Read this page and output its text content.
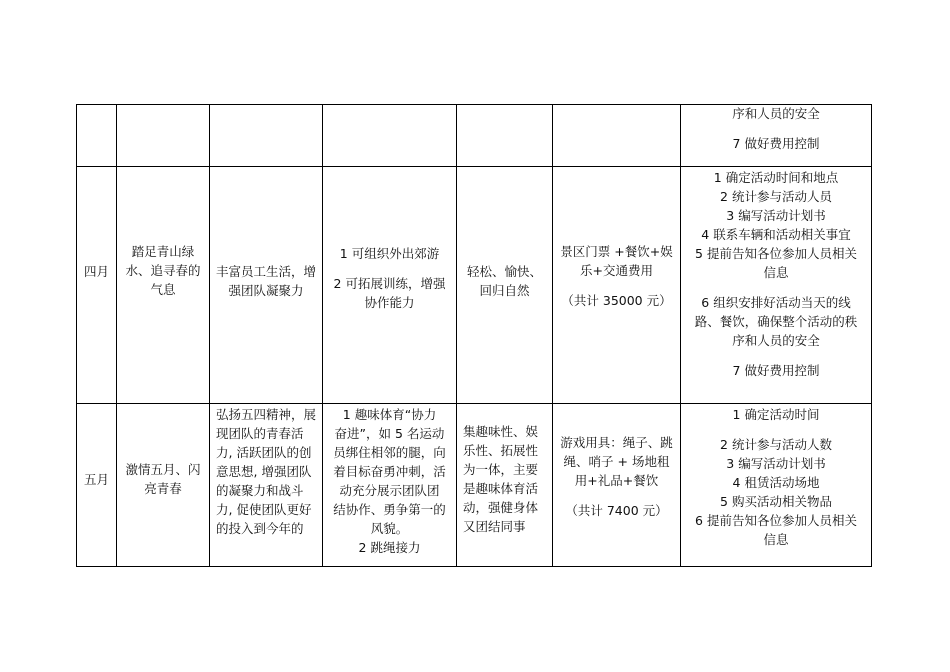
序和人员的安全
7 做好费用控制
四月
踏足青山绿
水、追寻春的
气息
丰富员工生活，增
强团队凝聚力
1 可组织外出郊游
2 可拓展训练，增强
协作能力
轻松、愉快、
回归自然
景区门票 +餐饮+娱
乐+交通费用
（共计 35000 元）
1 确定活动时间和地点
2 统计参与活动人员
3 编写活动计划书
4 联系车辆和活动相关事宜
5 提前告知各位参加人员相关
信息
6 组织安排好活动当天的线
路、餐饮，确保整个活动的秩
序和人员的安全
7 做好费用控制
五月
激情五月、闪
亮青春
弘扬五四精神，展
现团队的青春活
力, 活跃团队的创
意思想, 增强团队
的凝聚力和战斗
力, 促使团队更好
的投入到今年的
1 趣味体育“协力
奋进”，如 5 名运动
员绑住相邻的腿，向
着目标奋勇冲刺，活
动充分展示团队团
结协作、勇争第一的
风貌。
2 跳绳接力
集趣味性、娱
乐性、拓展性
为一体，主要
是趣味体育活
动，强健身体
又团结同事
游戏用具：绳子、跳
绳、哨子 + 场地租
用+礼品+餐饮
（共计 7400 元）
1 确定活动时间
2 统计参与活动人数
3 编写活动计划书
4 租赁活动场地
5 购买活动相关物品
6 提前告知各位参加人员相关
信息
